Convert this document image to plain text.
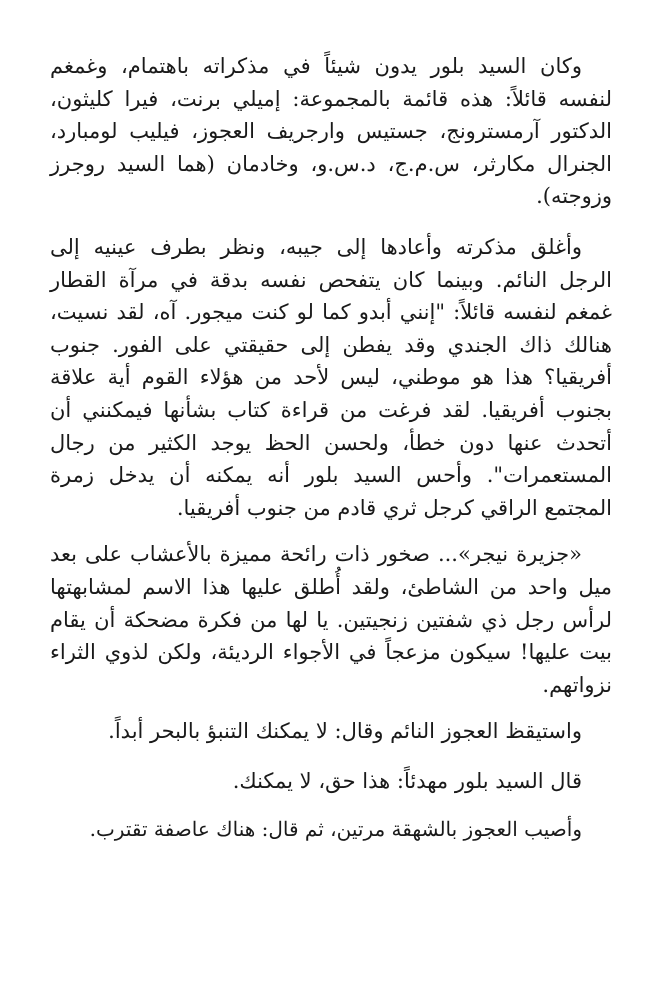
وكان السيد بلور يدون شيئاً في مذكراته باهتمام، وغمغم لنفسه قائلاً: هذه قائمة بالمجموعة: إميلي برنت، فيرا كليثون، الدكتور آرمسترونج، جستيس وارجريف العجوز، فيليب لومبارد، الجنرال مكارثر، س.م.ج، د.س.و، وخادمان (هما السيد روجرز وزوجته).

وأغلق مذكرته وأعادها إلى جيبه، ونظر بطرف عينيه إلى الرجل النائم. وبينما كان يتفحص نفسه بدقة في مرآة القطار غمغم لنفسه قائلاً: "إنني أبدو كما لو كنت ميجور. آه، لقد نسيت، هنالك ذاك الجندي وقد يفطن إلى حقيقتي على الفور. جنوب أفريقيا؟ هذا هو موطني، ليس لأحد من هؤلاء القوم أية علاقة بجنوب أفريقيا. لقد فرغت من قراءة كتاب بشأنها فيمكنني أن أتحدث عنها دون خطأ، ولحسن الحظ يوجد الكثير من رجال المستعمرات". وأحس السيد بلور أنه يمكنه أن يدخل زمرة المجتمع الراقي كرجل ثري قادم من جنوب أفريقيا.

«جزيرة نيجر»... صخور ذات رائحة مميزة بالأعشاب على بعد ميل واحد من الشاطئ، ولقد أُطلق عليها هذا الاسم لمشابهتها لرأس رجل ذي شفتين زنجيتين. يا لها من فكرة مضحكة أن يقام بيت عليها! سيكون مزعجاً في الأجواء الرديئة، ولكن لذوي الثراء نزواتهم.

واستيقظ العجوز النائم وقال: لا يمكنك التنبؤ بالبحر أبداً.

قال السيد بلور مهدئاً: هذا حق، لا يمكنك.

وأصيب العجوز بالشهقة مرتين، ثم قال: هناك عاصفة تقترب.
